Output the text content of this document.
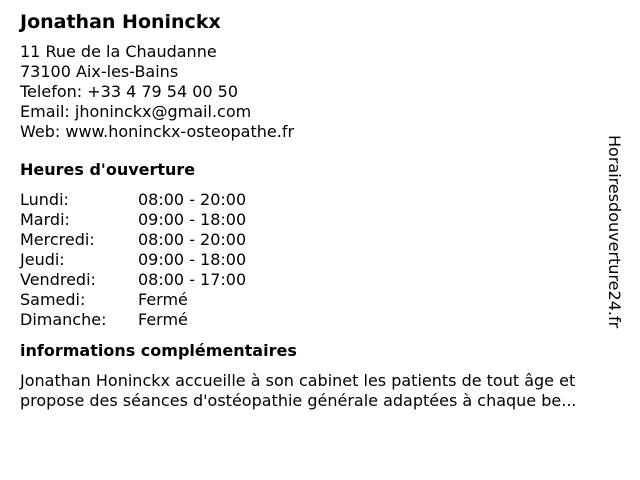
Jonathan Honinckx
11 Rue de la Chaudanne
73100 Aix-les-Bains
Telefon: +33 4 79 54 00 50
Email: jhoninckx@gmail.com
Web: www.honinckx-osteopathe.fr
Heures d'ouverture
Lundi:	08:00 - 20:00
Mardi:	09:00 - 18:00
Mercredi:	08:00 - 20:00
Jeudi:	09:00 - 18:00
Vendredi:	08:00 - 17:00
Samedi:	Fermé
Dimanche:	Fermé
informations complémentaires

Jonathan Honinckx accueille à son cabinet les patients de tout âge et propose des séances d'ostéopathie générale adaptées à chaque be...

Horairesdouverture24.fr
